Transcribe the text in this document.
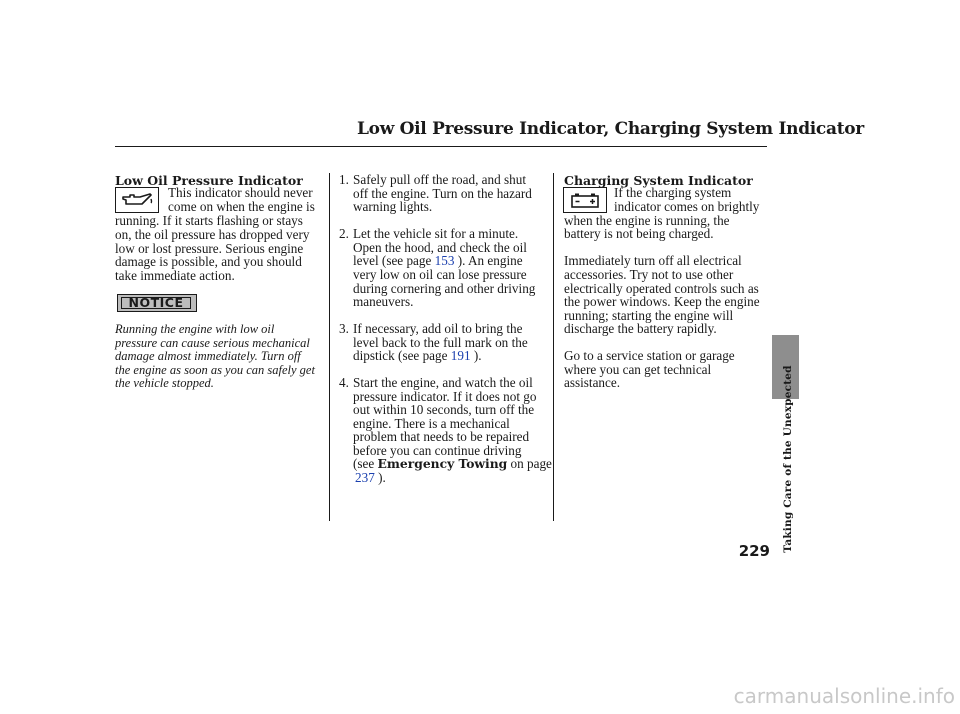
Low Oil Pressure Indicator, Charging System Indicator
Low Oil Pressure Indicator
This indicator should never
come on when the engine is
running. If it starts flashing or stays
on, the oil pressure has dropped very
low or lost pressure. Serious engine
damage is possible, and you should
take immediate action.
NOTICE
Running the engine with low oil
pressure can cause serious mechanical
damage almost immediately. Turn off
the engine as soon as you can safely get
the vehicle stopped.
1. Safely pull off the road, and shut
off the engine. Turn on the hazard
warning lights.
2. Let the vehicle sit for a minute.
Open the hood, and check the oil
level (see page 153 ). An engine
very low on oil can lose pressure
during cornering and other driving
maneuvers.
3. If necessary, add oil to bring the
level back to the full mark on the
dipstick (see page 191 ).
4. Start the engine, and watch the oil
pressure indicator. If it does not go
out within 10 seconds, turn off the
engine. There is a mechanical
problem that needs to be repaired
before you can continue driving
(see Emergency Towing on page
237 ).
Charging System Indicator
If the charging system
indicator comes on brightly
when the engine is running, the
battery is not being charged.
Immediately turn off all electrical
accessories. Try not to use other
electrically operated controls such as
the power windows. Keep the engine
running; starting the engine will
discharge the battery rapidly.
Go to a service station or garage
where you can get technical
assistance.	Taking Care of the Unexpected
229
carmanualsonline.info
